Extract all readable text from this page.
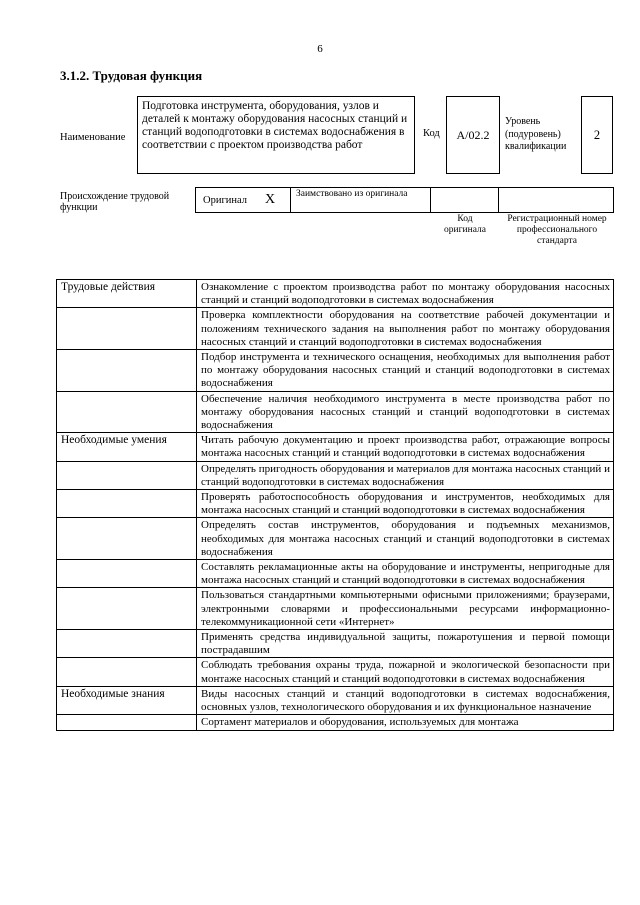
6
3.1.2. Трудовая функция
Наименование
Подготовка инструмента, оборудования, узлов и деталей к монтажу оборудования насосных станций и станций водоподготовки в системах водоснабжения в соответствии с проектом производства работ
Код	A/02.2
Уровень (подуровень) квалификации
2
Происхождение трудовой функции
Оригинал X	Заимствовано из оригинала
Код оригинала
Регистрационный номер профессионального стандарта
Трудовые действия	Ознакомление с проектом производства работ по монтажу оборудования насосных станций и станций водоподготовки в системах водоснабжения
	Проверка комплектности оборудования на соответствие рабочей документации и положениям технического задания на выполнения работ по монтажу оборудования насосных станций и станций водоподготовки в системах водоснабжения
	Подбор инструмента и технического оснащения, необходимых для выполнения работ по монтажу оборудования насосных станций и станций водоподготовки в системах водоснабжения
	Обеспечение наличия необходимого инструмента в месте производства работ по монтажу оборудования насосных станций и станций водоподготовки в системах водоснабжения
Необходимые умения	Читать рабочую документацию и проект производства работ, отражающие вопросы монтажа насосных станций и станций водоподготовки в системах водоснабжения
	Определять пригодность оборудования и материалов для монтажа насосных станций и станций водоподготовки в системах водоснабжения
	Проверять работоспособность оборудования и инструментов, необходимых для монтажа насосных станций и станций водоподготовки в системах водоснабжения
	Определять состав инструментов, оборудования и подъемных механизмов, необходимых для монтажа насосных станций и станций водоподготовки в системах водоснабжения
	Составлять рекламационные акты на оборудование и инструменты, непригодные для монтажа насосных станций и станций водоподготовки в системах водоснабжения
	Пользоваться стандартными компьютерными офисными приложениями; браузерами, электронными словарями и профессиональными ресурсами информационно-телекоммуникационной сети «Интернет»
	Применять средства индивидуальной защиты, пожаротушения и первой помощи пострадавшим
	Соблюдать требования охраны труда, пожарной и экологической безопасности при монтаже насосных станций и станций водоподготовки в системах водоснабжения
Необходимые знания	Виды насосных станций и станций водоподготовки в системах водоснабжения, основных узлов, технологического оборудования и их функциональное назначение
	Сортамент материалов и оборудования, используемых для монтажа
